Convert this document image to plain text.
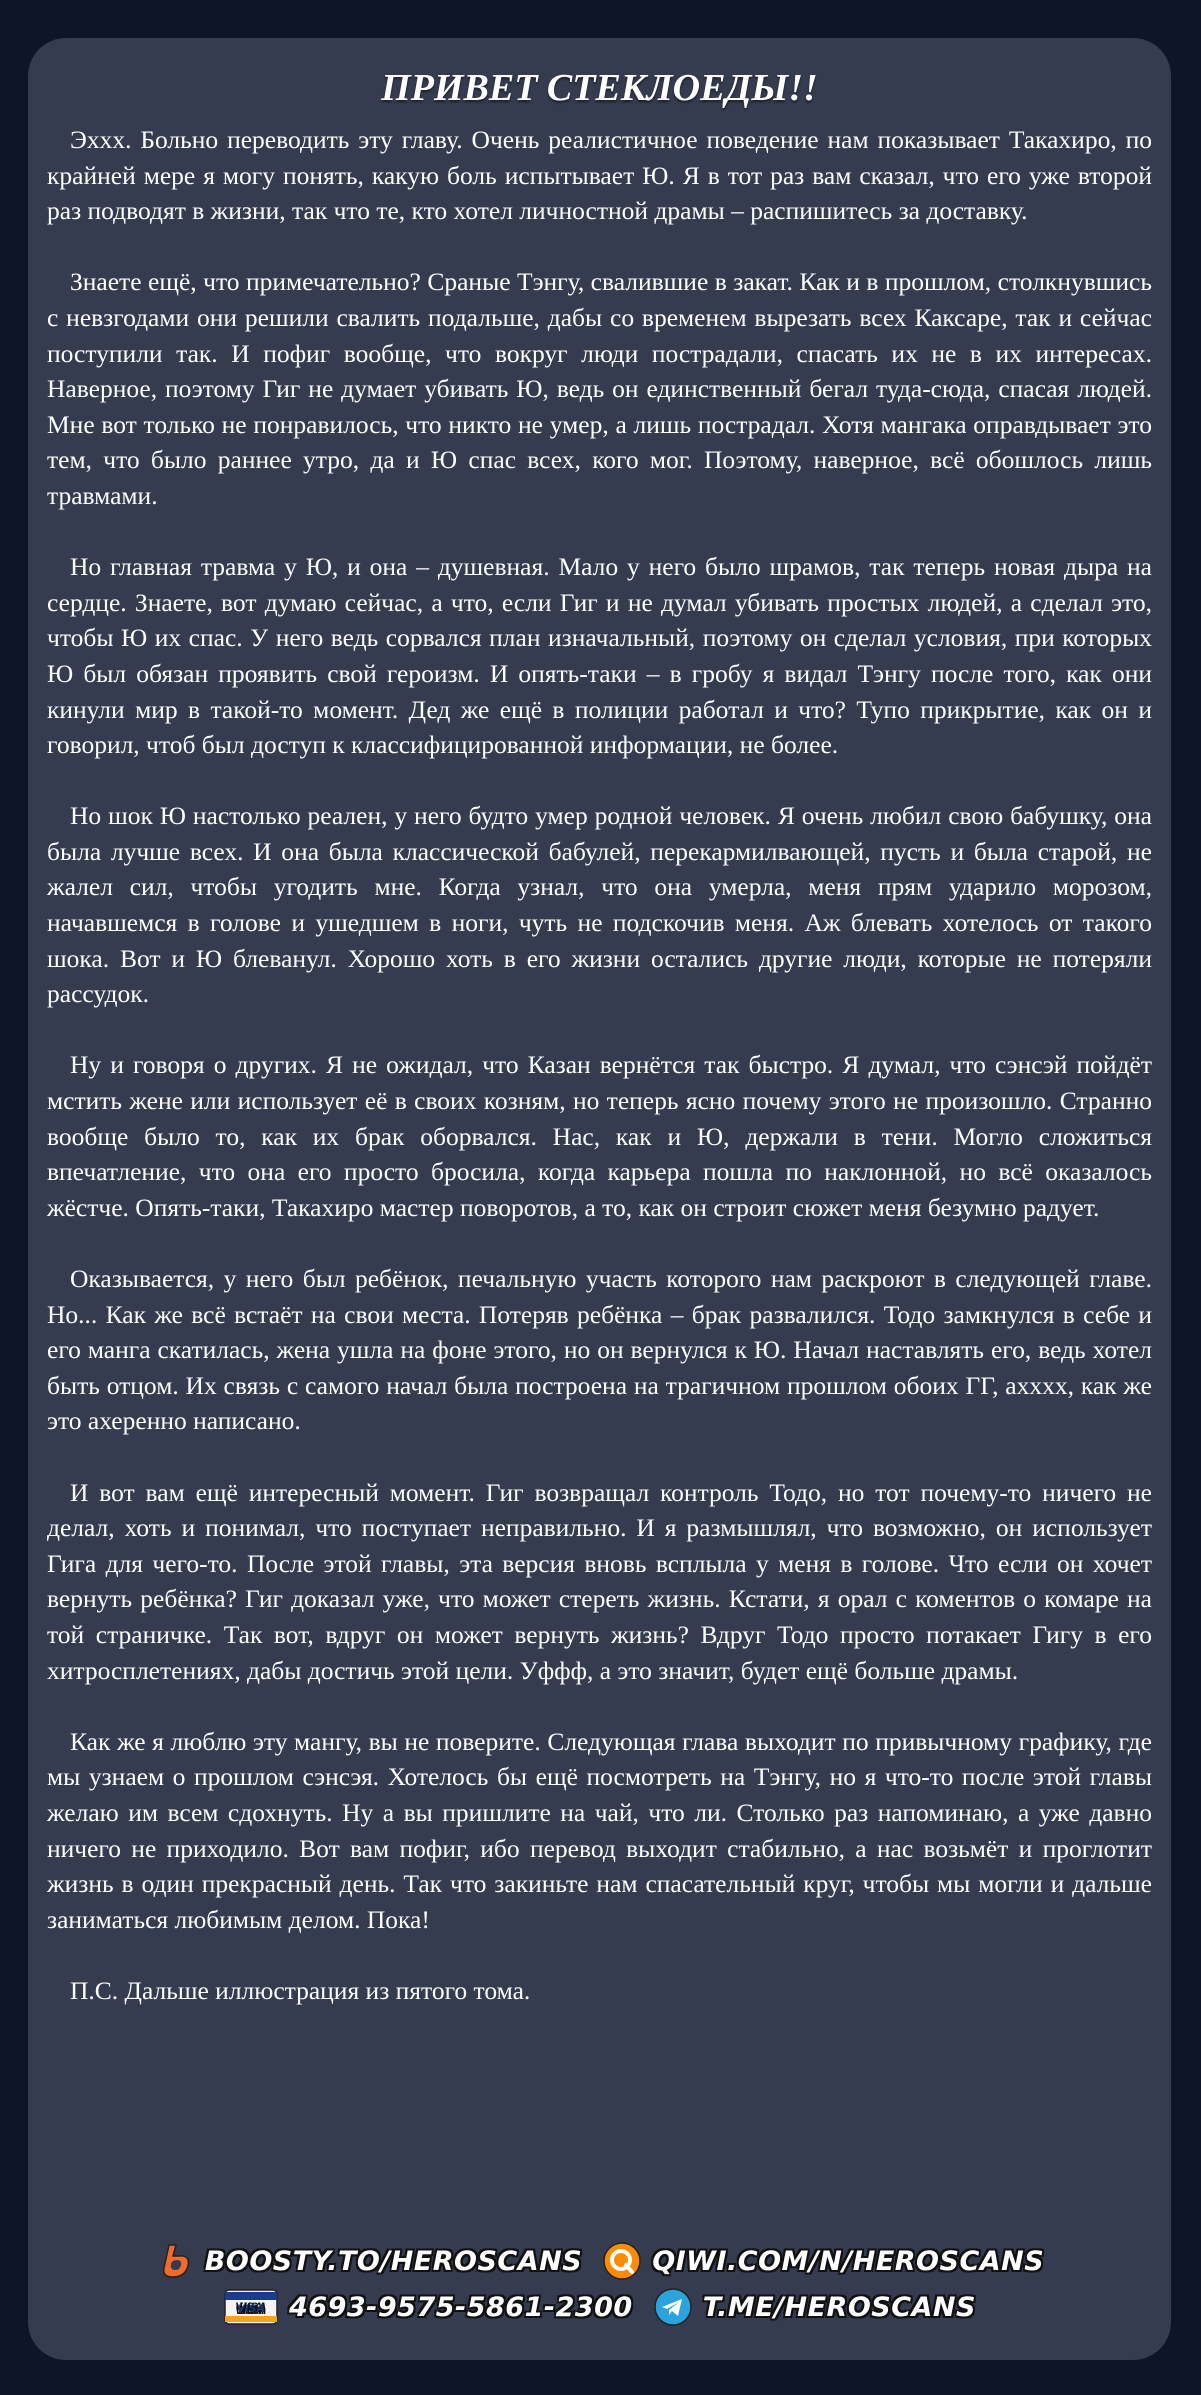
ПРИВЕТ СТЕКЛОЕДЫ!!

Эххх. Больно переводить эту главу. Очень реалистичное поведение нам показывает Такахиро, по крайней мере я могу понять, какую боль испытывает Ю. Я в тот раз вам сказал, что его уже второй раз подводят в жизни, так что те, кто хотел личностной драмы – распишитесь за доставку.

Знаете ещё, что примечательно? Сраные Тэнгу, свалившие в закат. Как и в прошлом, столкнувшись с невзгодами они решили свалить подальше, дабы со временем вырезать всех Каксаре, так и сейчас поступили так. И пофиг вообще, что вокруг люди пострадали, спасать их не в их интересах. Наверное, поэтому Гиг не думает убивать Ю, ведь он единственный бегал туда-сюда, спасая людей. Мне вот только не понравилось, что никто не умер, а лишь пострадал. Хотя мангака оправдывает это тем, что было раннее утро, да и Ю спас всех, кого мог. Поэтому, наверное, всё обошлось лишь травмами.

Но главная травма у Ю, и она – душевная. Мало у него было шрамов, так теперь новая дыра на сердце. Знаете, вот думаю сейчас, а что, если Гиг и не думал убивать простых людей, а сделал это, чтобы Ю их спас. У него ведь сорвался план изначальный, поэтому он сделал условия, при которых Ю был обязан проявить свой героизм. И опять-таки – в гробу я видал Тэнгу после того, как они кинули мир в такой-то момент. Дед же ещё в полиции работал и что? Тупо прикрытие, как он и говорил, чтоб был доступ к классифицированной информации, не более.

Но шок Ю настолько реален, у него будто умер родной человек. Я очень любил свою бабушку, она была лучше всех. И она была классической бабулей, перекармилвающей, пусть и была старой, не жалел сил, чтобы угодить мне. Когда узнал, что она умерла, меня прям ударило морозом, начавшемся в голове и ушедшем в ноги, чуть не подскочив меня. Аж блевать хотелось от такого шока. Вот и Ю блеванул. Хорошо хоть в его жизни остались другие люди, которые не потеряли рассудок.

Ну и говоря о других. Я не ожидал, что Казан вернётся так быстро. Я думал, что сэнсэй пойдёт мстить жене или использует её в своих козням, но теперь ясно почему этого не произошло. Странно вообще было то, как их брак оборвался. Нас, как и Ю, держали в тени. Могло сложиться впечатление, что она его просто бросила, когда карьера пошла по наклонной, но всё оказалось жёстче. Опять-таки, Такахиро мастер поворотов, а то, как он строит сюжет меня безумно радует.

Оказывается, у него был ребёнок, печальную участь которого нам раскроют в следующей главе. Но... Как же всё встаёт на свои места. Потеряв ребёнка – брак развалился. Тодо замкнулся в себе и его манга скатилась, жена ушла на фоне этого, но он вернулся к Ю. Начал наставлять его, ведь хотел быть отцом. Их связь с самого начал была построена на трагичном прошлом обоих ГГ, ахххх, как же это ахеренно написано.

И вот вам ещё интересный момент. Гиг возвращал контроль Тодо, но тот почему-то ничего не делал, хоть и понимал, что поступает неправильно. И я размышлял, что возможно, он использует Гига для чего-то. После этой главы, эта версия вновь всплыла у меня в голове. Что если он хочет вернуть ребёнка? Гиг доказал уже, что может стереть жизнь. Кстати, я орал с коментов о комаре на той страничке. Так вот, вдруг он может вернуть жизнь? Вдруг Тодо просто потакает Гигу в его хитросплетениях, дабы достичь этой цели. Уффф, а это значит, будет ещё больше драмы.

Как же я люблю эту мангу, вы не поверите. Следующая глава выходит по привычному графику, где мы узнаем о прошлом сэнсэя. Хотелось бы ещё посмотреть на Тэнгу, но я что-то после этой главы желаю им всем сдохнуть. Ну а вы пришлите на чай, что ли. Столько раз напоминаю, а уже давно ничего не приходило. Вот вам пофиг, ибо перевод выходит стабильно, а нас возьмёт и проглотит жизнь в один прекрасный день. Так что закиньте нам спасательный круг, чтобы мы могли и дальше заниматься любимым делом. Пока!

П.С. Дальше иллюстрация из пятого тома.

BOOSTY.TO/HEROSCANS	QIWI.COM/N/HEROSCANS
VISA 4693-9575-5861-2300	T.ME/HEROSCANS
